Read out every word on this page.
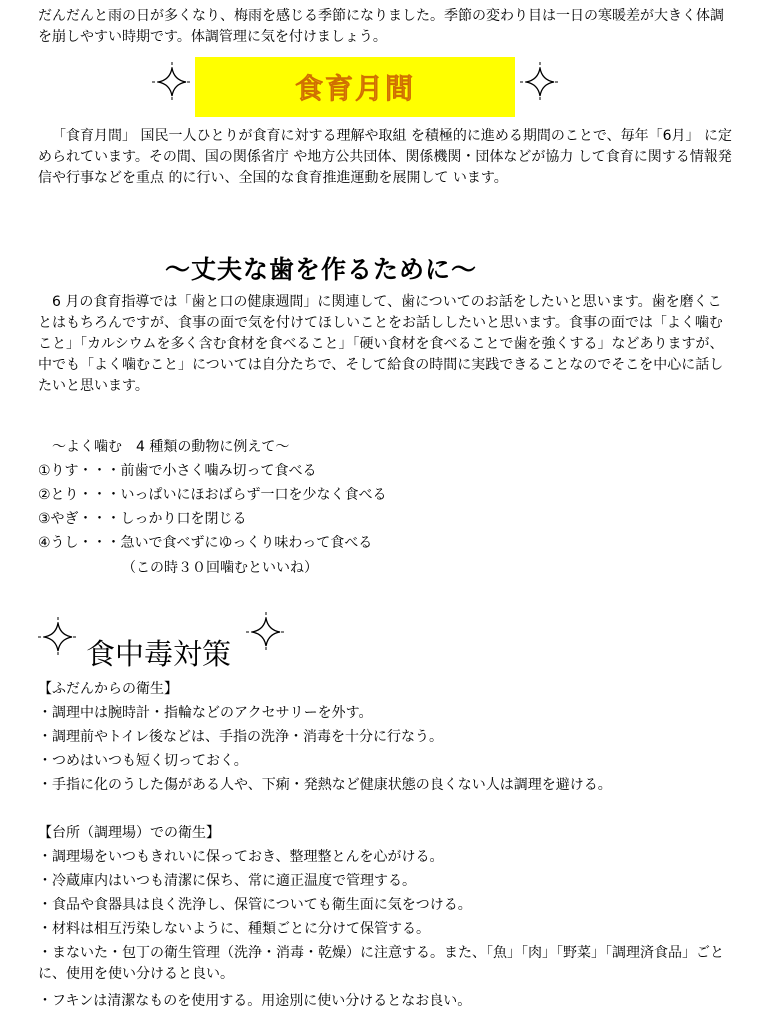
だんだんと雨の日が多くなり、梅雨を感じる季節になりました。季節の変わり目は一日の寒暖差が大きく体調を崩しやすい時期です。体調管理に気を付けましょう。

食育月間

「食育月間」 国民一人ひとりが食育に対する理解や取組 を積極的に進める期間のことで、毎年「6月」 に定められています。その間、国の関係省庁 や地方公共団体、関係機関・団体などが協力 して食育に関する情報発信や行事などを重点 的に行い、全国的な食育推進運動を展開して います。

～丈夫な歯を作るために～

6 月の食育指導では「歯と口の健康週間」に関連して、歯についてのお話をしたいと思います。歯を磨くことはもちろんですが、食事の面で気を付けてほしいことをお話ししたいと思います。食事の面では「よく噛むこと」「カルシウムを多く含む食材を食べること」「硬い食材を食べることで歯を強くする」などありますが、中でも「よく噛むこと」については自分たちで、そして給食の時間に実践できることなのでそこを中心に話したいと思います。

～よく噛む　4 種類の動物に例えて～

①りす・・・前歯で小さく噛み切って食べる

②とり・・・いっぱいにほおばらず一口を少なく食べる

③やぎ・・・しっかり口を閉じる

④うし・・・急いで食べずにゆっくり味わって食べる

（この時３０回噛むといいね）

食中毒対策

【ふだんからの衛生】

・調理中は腕時計・指輪などのアクセサリーを外す。

・調理前やトイレ後などは、手指の洗浄・消毒を十分に行なう。

・つめはいつも短く切っておく。

・手指に化のうした傷がある人や、下痢・発熱など健康状態の良くない人は調理を避ける。

【台所（調理場）での衛生】

・調理場をいつもきれいに保っておき、整理整とんを心がける。

・冷蔵庫内はいつも清潔に保ち、常に適正温度で管理する。

・食品や食器具は良く洗浄し、保管についても衛生面に気をつける。

・材料は相互汚染しないように、種類ごとに分けて保管する。

・まないた・包丁の衛生管理（洗浄・消毒・乾燥）に注意する。また、「魚」「肉」「野菜」「調理済食品」ごとに、使用を使い分けると良い。

・フキンは清潔なものを使用する。用途別に使い分けるとなお良い。
